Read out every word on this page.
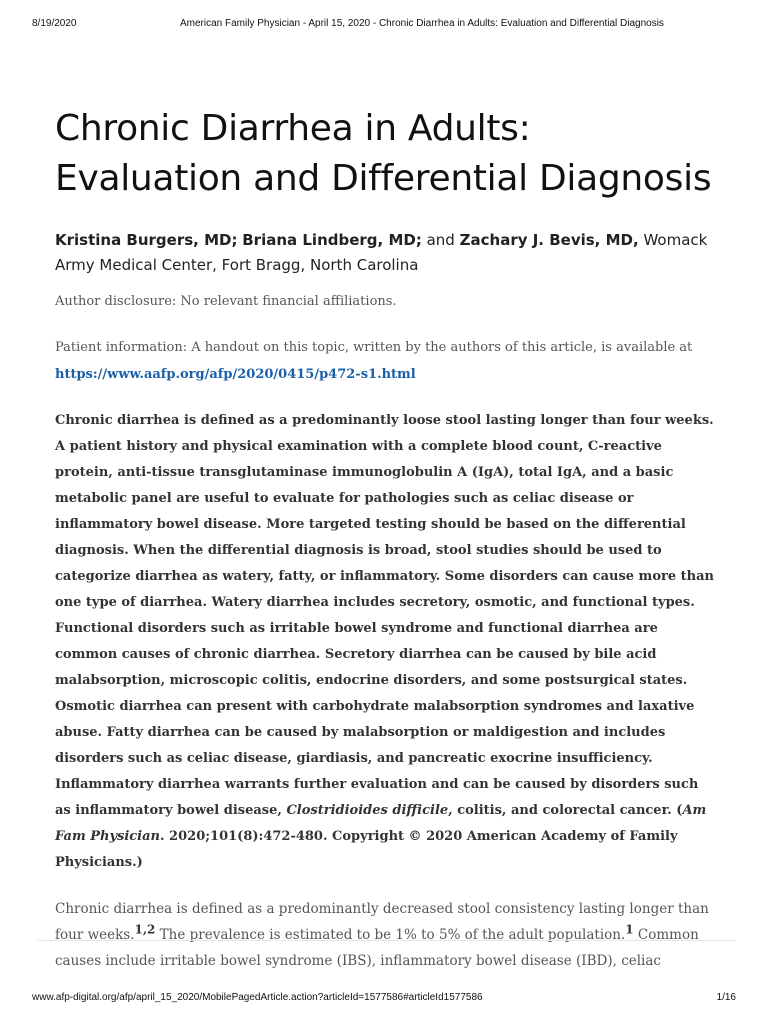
8/19/2020	American Family Physician - April 15, 2020 - Chronic Diarrhea in Adults: Evaluation and Differential Diagnosis
Chronic Diarrhea in Adults:
Evaluation and Differential Diagnosis
Kristina Burgers, MD; Briana Lindberg, MD; and Zachary J. Bevis, MD, Womack Army Medical Center, Fort Bragg, North Carolina
Author disclosure: No relevant financial affiliations.
Patient information: A handout on this topic, written by the authors of this article, is available at
https://www.aafp.org/afp/2020/0415/p472-s1.html
Chronic diarrhea is defined as a predominantly loose stool lasting longer than four weeks. A patient history and physical examination with a complete blood count, C-reactive protein, anti-tissue transglutaminase immunoglobulin A (IgA), total IgA, and a basic metabolic panel are useful to evaluate for pathologies such as celiac disease or inflammatory bowel disease. More targeted testing should be based on the differential diagnosis. When the differential diagnosis is broad, stool studies should be used to categorize diarrhea as watery, fatty, or inflammatory. Some disorders can cause more than one type of diarrhea. Watery diarrhea includes secretory, osmotic, and functional types. Functional disorders such as irritable bowel syndrome and functional diarrhea are common causes of chronic diarrhea. Secretory diarrhea can be caused by bile acid malabsorption, microscopic colitis, endocrine disorders, and some postsurgical states. Osmotic diarrhea can present with carbohydrate malabsorption syndromes and laxative abuse. Fatty diarrhea can be caused by malabsorption or maldigestion and includes disorders such as celiac disease, giardiasis, and pancreatic exocrine insufficiency. Inflammatory diarrhea warrants further evaluation and can be caused by disorders such as inflammatory bowel disease, Clostridioides difficile, colitis, and colorectal cancer. (Am Fam Physician. 2020;101(8):472-480. Copyright © 2020 American Academy of Family Physicians.)
Chronic diarrhea is defined as a predominantly decreased stool consistency lasting longer than four weeks.$^{1,2}$ The prevalence is estimated to be 1% to 5% of the adult population.$^1$ Common causes include irritable bowel syndrome (IBS), inflammatory bowel disease (IBD), celiac
www.afp-digital.org/afp/april_15_2020/MobilePagedArticle.action?articleId=1577586#articleId1577586	1/16
